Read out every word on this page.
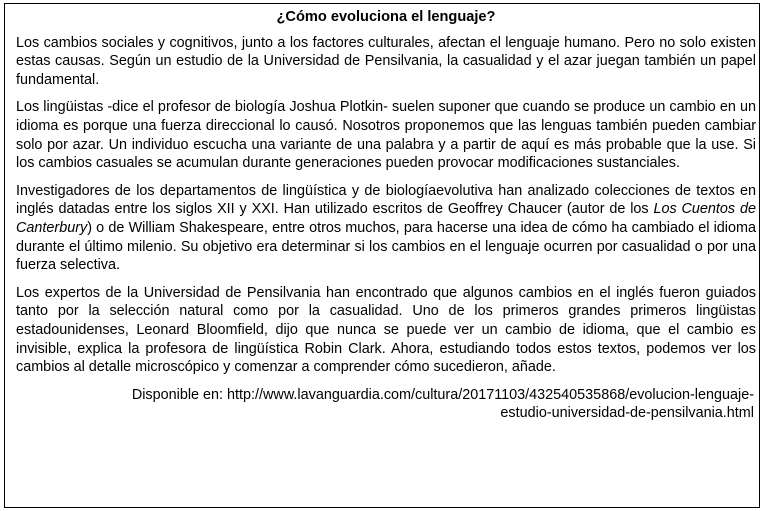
¿Cómo evoluciona el lenguaje?

Los cambios sociales y cognitivos, junto a los factores culturales, afectan el lenguaje humano. Pero no solo existen estas causas. Según un estudio de la Universidad de Pensilvania, la casualidad y el azar juegan también un papel fundamental.

Los lingüistas -dice el profesor de biología Joshua Plotkin- suelen suponer que cuando se produce un cambio en un idioma es porque una fuerza direccional lo causó. Nosotros proponemos que las lenguas también pueden cambiar solo por azar. Un individuo escucha una variante de una palabra y a partir de aquí es más probable que la use. Si los cambios casuales se acumulan durante generaciones pueden provocar modificaciones sustanciales.

Investigadores de los departamentos de lingüística y de biologíaevolutiva han analizado colecciones de textos en inglés datadas entre los siglos XII y XXI. Han utilizado escritos de Geoffrey Chaucer (autor de los Los Cuentos de Canterbury) o de William Shakespeare, entre otros muchos, para hacerse una idea de cómo ha cambiado el idioma durante el último milenio. Su objetivo era determinar si los cambios en el lenguaje ocurren por casualidad o por una fuerza selectiva.

Los expertos de la Universidad de Pensilvania han encontrado que algunos cambios en el inglés fueron guiados tanto por la selección natural como por la casualidad. Uno de los primeros grandes primeros lingüistas estadounidenses, Leonard Bloomfield, dijo que nunca se puede ver un cambio de idioma, que el cambio es invisible, explica la profesora de lingüística Robin Clark. Ahora, estudiando todos estos textos, podemos ver los cambios al detalle microscópico y comenzar a comprender cómo sucedieron, añade.

Disponible en: http://www.lavanguardia.com/cultura/20171103/432540535868/evolucion-lenguaje-
estudio-universidad-de-pensilvania.html
